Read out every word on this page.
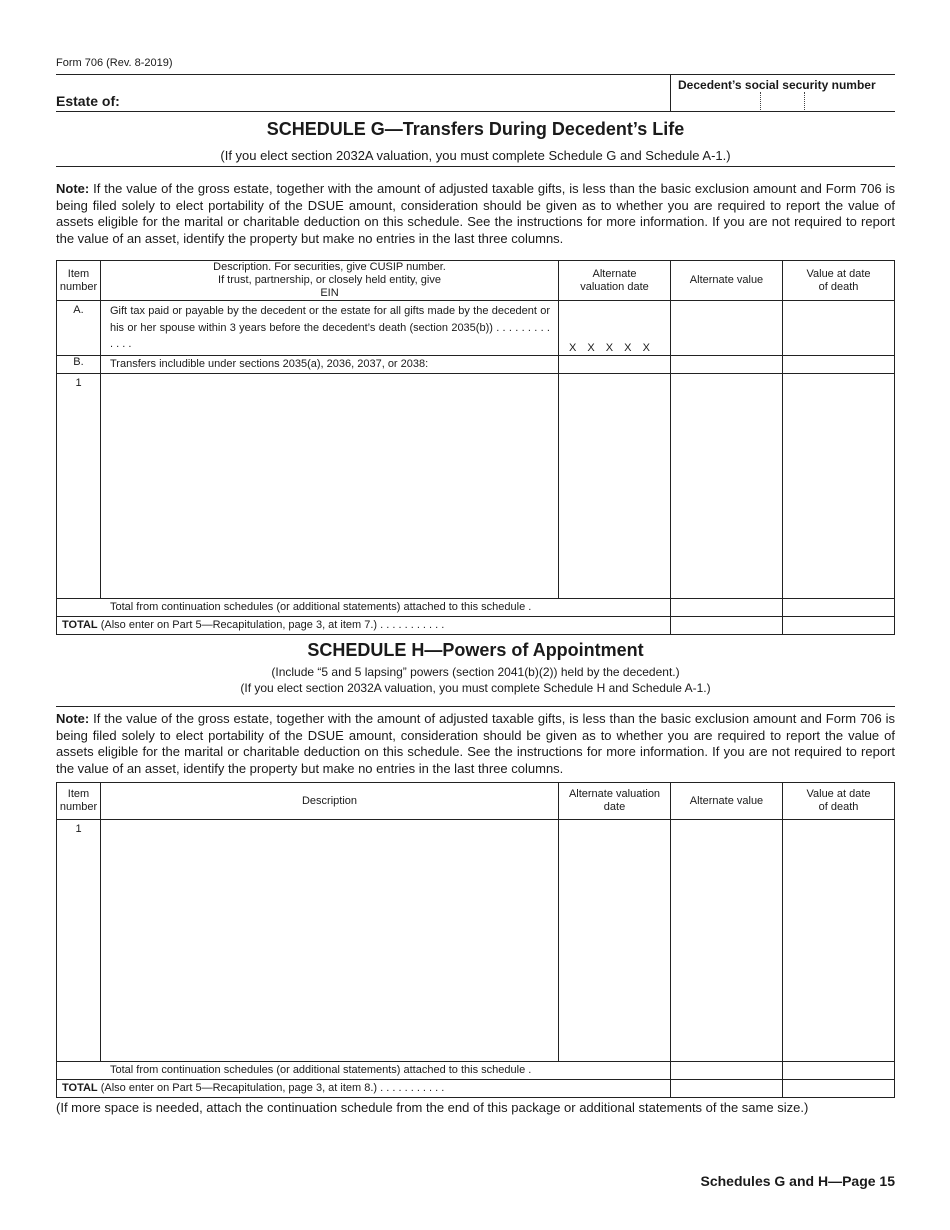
Form 706 (Rev. 8-2019)
Estate of:
Decedent’s social security number
SCHEDULE G—Transfers During Decedent’s Life
(If you elect section 2032A valuation, you must complete Schedule G and Schedule A-1.)
Note: If the value of the gross estate, together with the amount of adjusted taxable gifts, is less than the basic exclusion amount and Form 706 is being filed solely to elect portability of the DSUE amount, consideration should be given as to whether you are required to report the value of assets eligible for the marital or charitable deduction on this schedule. See the instructions for more information. If you are not required to report the value of an asset, identify the property but make no entries in the last three columns.
Item number	Description. For securities, give CUSIP number. If trust, partnership, or closely held entity, give EIN	Alternate valuation date	Alternate value	Value at date of death
A.	Gift tax paid or payable by the decedent or the estate for all gifts made by the decedent or his or her spouse within 3 years before the decedent’s death (section 2035(b)) . . . . . . . . . . . . .	X X X X X		
B.	Transfers includible under sections 2035(a), 2036, 2037, or 2038:			
1				
Total from continuation schedules (or additional statements) attached to this schedule .				
TOTAL (Also enter on Part 5—Recapitulation, page 3, at item 7.) . . . . . . . . . . .				
SCHEDULE H—Powers of Appointment
(Include “5 and 5 lapsing” powers (section 2041(b)(2)) held by the decedent.)
(If you elect section 2032A valuation, you must complete Schedule H and Schedule A-1.)
Note: If the value of the gross estate, together with the amount of adjusted taxable gifts, is less than the basic exclusion amount and Form 706 is being filed solely to elect portability of the DSUE amount, consideration should be given as to whether you are required to report the value of assets eligible for the marital or charitable deduction on this schedule. See the instructions for more information. If you are not required to report the value of an asset, identify the property but make no entries in the last three columns.
Item number	Description	Alternate valuation date	Alternate value	Value at date of death
1				
Total from continuation schedules (or additional statements) attached to this schedule .				
TOTAL (Also enter on Part 5—Recapitulation, page 3, at item 8.) . . . . . . . . . . .				
(If more space is needed, attach the continuation schedule from the end of this package or additional statements of the same size.)
Schedules G and H—Page 15
